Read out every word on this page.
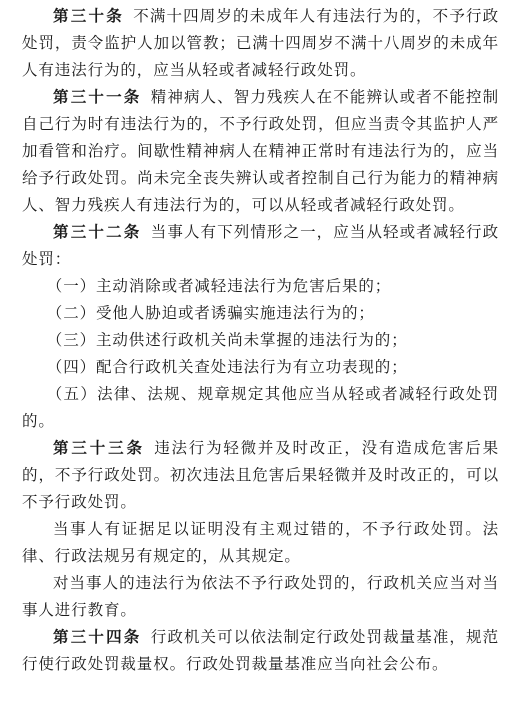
第三十条 不满十四周岁的未成年人有违法行为的，不予行政处罚，责令监护人加以管教；已满十四周岁不满十八周岁的未成年人有违法行为的，应当从轻或者减轻行政处罚。

第三十一条 精神病人、智力残疾人在不能辨认或者不能控制自己行为时有违法行为的，不予行政处罚，但应当责令其监护人严加看管和治疗。间歇性精神病人在精神正常时有违法行为的，应当给予行政处罚。尚未完全丧失辨认或者控制自己行为能力的精神病人、智力残疾人有违法行为的，可以从轻或者减轻行政处罚。

第三十二条 当事人有下列情形之一，应当从轻或者减轻行政处罚：

（一）主动消除或者减轻违法行为危害后果的；

（二）受他人胁迫或者诱骗实施违法行为的；

（三）主动供述行政机关尚未掌握的违法行为的；

（四）配合行政机关查处违法行为有立功表现的；

（五）法律、法规、规章规定其他应当从轻或者减轻行政处罚的。

第三十三条 违法行为轻微并及时改正，没有造成危害后果的，不予行政处罚。初次违法且危害后果轻微并及时改正的，可以不予行政处罚。

当事人有证据足以证明没有主观过错的，不予行政处罚。法律、行政法规另有规定的，从其规定。

对当事人的违法行为依法不予行政处罚的，行政机关应当对当事人进行教育。

第三十四条 行政机关可以依法制定行政处罚裁量基准，规范行使行政处罚裁量权。行政处罚裁量基准应当向社会公布。
